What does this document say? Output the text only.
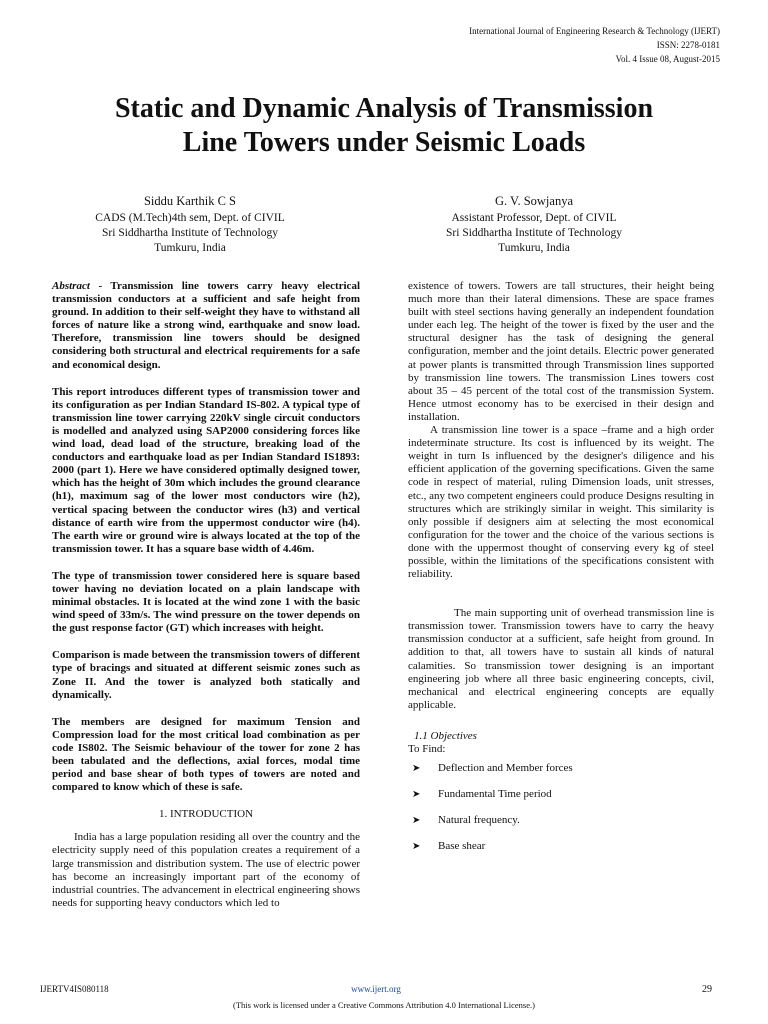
International Journal of Engineering Research & Technology (IJERT)
ISSN: 2278-0181
Vol. 4 Issue 08, August-2015
Static and Dynamic Analysis of Transmission
Line Towers under Seismic Loads
Siddu Karthik C S
CADS (M.Tech)4th sem, Dept. of CIVIL
Sri Siddhartha Institute of Technology
Tumkuru, India
G. V. Sowjanya
Assistant Professor, Dept. of CIVIL
Sri Siddhartha Institute of Technology
Tumkuru, India

Abstract - Transmission line towers carry heavy electrical transmission conductors at a sufficient and safe height from ground. In addition to their self-weight they have to withstand all forces of nature like a strong wind, earthquake and snow load. Therefore, transmission line towers should be designed considering both structural and electrical requirements for a safe and economical design.

This report introduces different types of transmission tower and its configuration as per Indian Standard IS-802. A typical type of transmission line tower carrying 220kV single circuit conductors is modelled and analyzed using SAP2000 considering forces like wind load, dead load of the structure, breaking load of the conductors and earthquake load as per Indian Standard IS1893: 2000 (part 1). Here we have considered optimally designed tower, which has the height of 30m which includes the ground clearance (h1), maximum sag of the lower most conductors wire (h2), vertical spacing between the conductor wires (h3) and vertical distance of earth wire from the uppermost conductor wire (h4). The earth wire or ground wire is always located at the top of the transmission tower. It has a square base width of 4.46m.

The type of transmission tower considered here is square based tower having no deviation located on a plain landscape with minimal obstacles. It is located at the wind zone 1 with the basic wind speed of 33m/s. The wind pressure on the tower depends on the gust response factor (GT) which increases with height.

Comparison is made between the transmission towers of different type of bracings and situated at different seismic zones such as Zone II. And the tower is analyzed both statically and dynamically.

The members are designed for maximum Tension and Compression load for the most critical load combination as per code IS802. The Seismic behaviour of the tower for zone 2 has been tabulated and the deflections, axial forces, modal time period and base shear of both types of towers are noted and compared to know which of these is safe.

1. INTRODUCTION

India has a large population residing all over the country and the electricity supply need of this population creates a requirement of a large transmission and distribution system. The use of electric power has become an increasingly important part of the economy of industrial countries. The advancement in electrical engineering shows needs for supporting heavy conductors which led to

existence of towers. Towers are tall structures, their height being much more than their lateral dimensions. These are space frames built with steel sections having generally an independent foundation under each leg. The height of the tower is fixed by the user and the structural designer has the task of designing the general configuration, member and the joint details. Electric power generated at power plants is transmitted through Transmission lines supported by transmission line towers. The transmission Lines towers cost about 35 – 45 percent of the total cost of the transmission System. Hence utmost economy has to be exercised in their design and installation.

A transmission line tower is a space –frame and a high order indeterminate structure. Its cost is influenced by its weight. The weight in turn Is influenced by the designer's diligence and his efficient application of the governing specifications. Given the same code in respect of material, ruling Dimension loads, unit stresses, etc., any two competent engineers could produce Designs resulting in structures which are strikingly similar in weight. This similarity is only possible if designers aim at selecting the most economical configuration for the tower and the choice of the various sections is done with the uppermost thought of conserving every kg of steel possible, within the limitations of the specifications consistent with reliability.

The main supporting unit of overhead transmission line is transmission tower. Transmission towers have to carry the heavy transmission conductor at a sufficient, safe height from ground. In addition to that, all towers have to sustain all kinds of natural calamities. So transmission tower designing is an important engineering job where all three basic engineering concepts, civil, mechanical and electrical engineering concepts are equally applicable.

1.1 Objectives

To Find:

➤	Deflection and Member forces
➤	Fundamental Time period
➤	Natural frequency.
➤	Base shear
IJERTV4IS080118	www.ijert.org	29
(This work is licensed under a Creative Commons Attribution 4.0 International License.)
